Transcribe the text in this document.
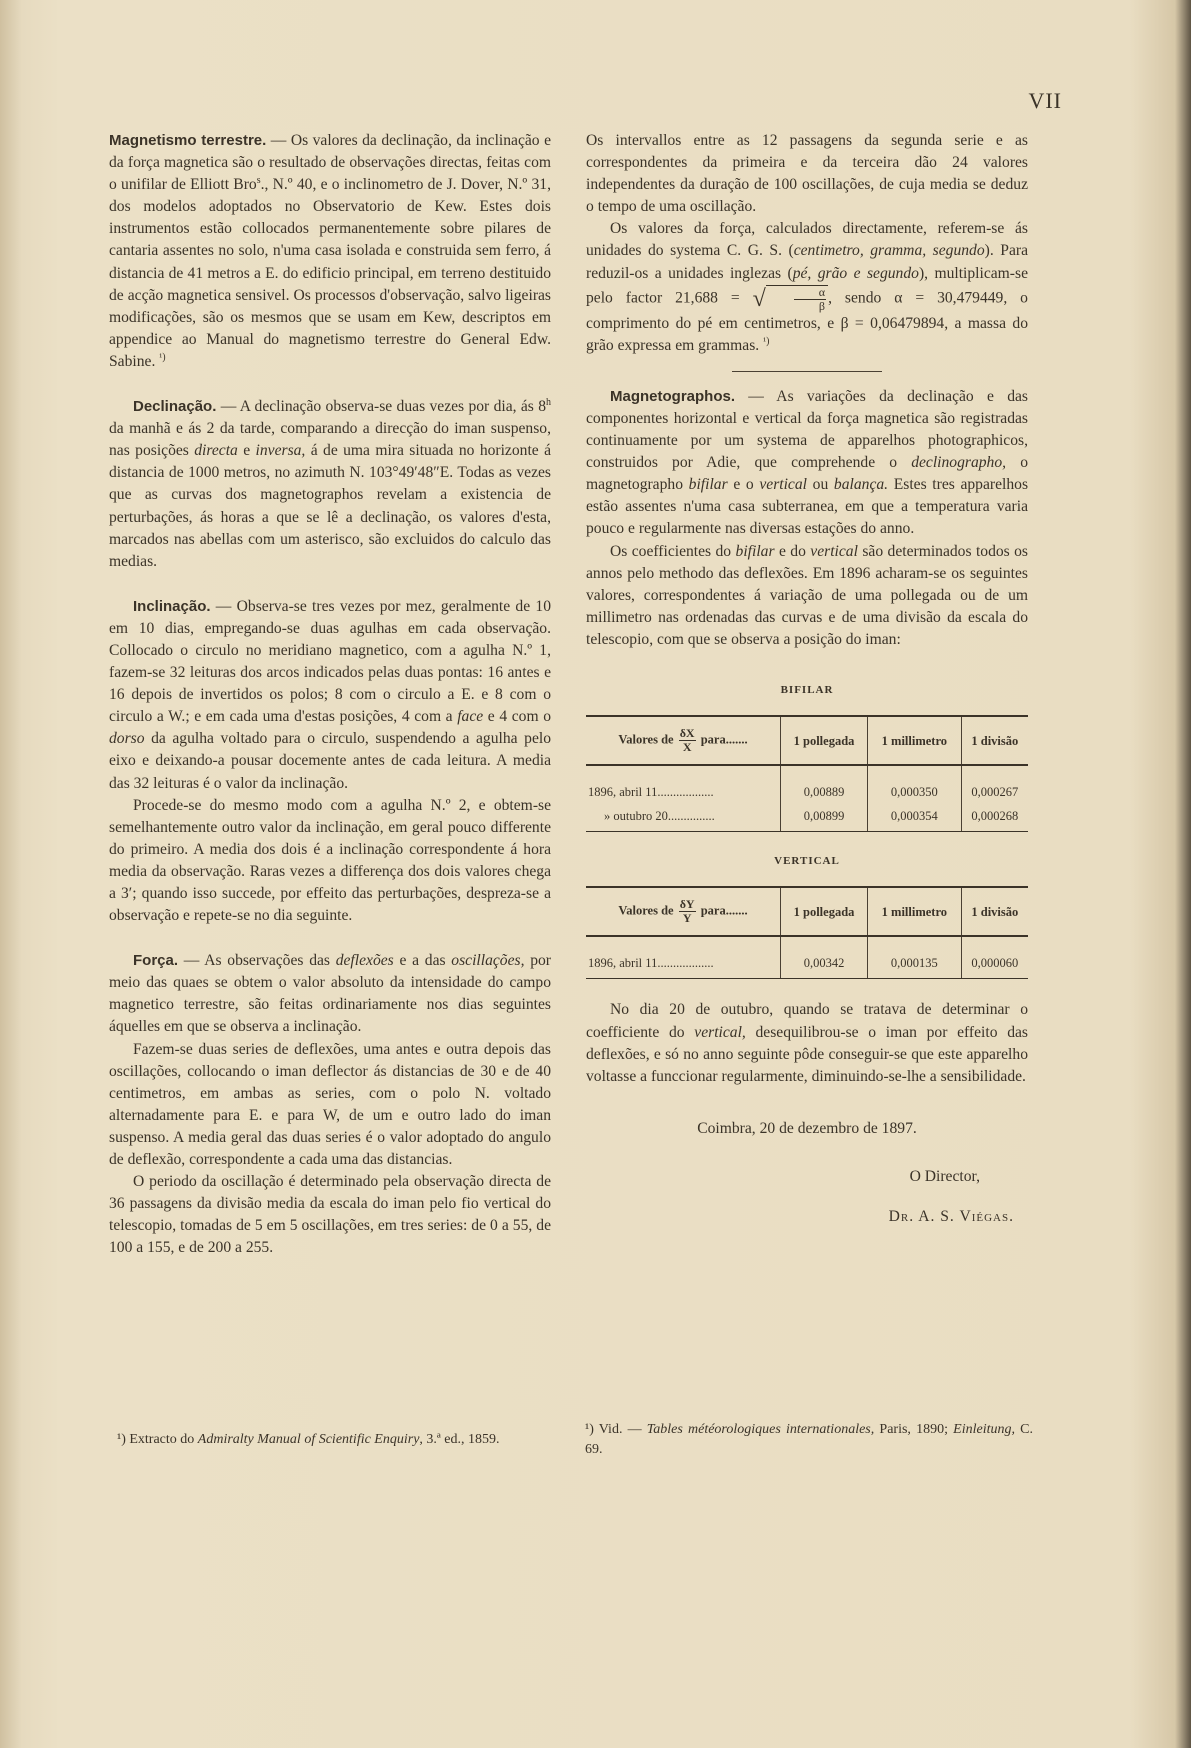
VII

Magnetismo terrestre. — Os valores da declinação, da inclinação e da força magnetica são o resultado de observações directas, feitas com o unifilar de Elliott Bro$^s$., N.º 40, e o inclinometro de J. Dover, N.º 31, dos modelos adoptados no Observatorio de Kew. Estes dois instrumentos estão collocados permanentemente sobre pilares de cantaria assentes no solo, n'uma casa isolada e construida sem ferro, á distancia de 41 metros a E. do edificio principal, em terreno destituido de acção magnetica sensivel. Os processos d'observação, salvo ligeiras modificações, são os mesmos que se usam em Kew, descriptos em appendice ao Manual do magnetismo terrestre do General Edw. Sabine. $^{^1)}$

Declinação. — A declinação observa-se duas vezes por dia, ás 8$^h$ da manhã e ás 2 da tarde, comparando a direcção do iman suspenso, nas posições directa e inversa, á de uma mira situada no horizonte á distancia de 1000 metros, no azimuth N. 103°49′48″E. Todas as vezes que as curvas dos magnetographos revelam a existencia de perturbações, ás horas a que se lê a declinação, os valores d'esta, marcados nas abellas com um asterisco, são excluidos do calculo das medias.

Inclinação. — Observa-se tres vezes por mez, geralmente de 10 em 10 dias, empregando-se duas agulhas em cada observação. Collocado o circulo no meridiano magnetico, com a agulha N.º 1, fazem-se 32 leituras dos arcos indicados pelas duas pontas: 16 antes e 16 depois de invertidos os polos; 8 com o circulo a E. e 8 com o circulo a W.; e em cada uma d'estas posições, 4 com a face e 4 com o dorso da agulha voltado para o circulo, suspendendo a agulha pelo eixo e deixando-a pousar docemente antes de cada leitura. A media das 32 leituras é o valor da inclinação.

Procede-se do mesmo modo com a agulha N.º 2, e obtem-se semelhantemente outro valor da inclinação, em geral pouco differente do primeiro. A media dos dois é a inclinação correspondente á hora media da observação. Raras vezes a differença dos dois valores chega a 3′; quando isso succede, por effeito das perturbações, despreza-se a observação e repete-se no dia seguinte.

Força. — As observações das deflexões e a das oscillações, por meio das quaes se obtem o valor absoluto da intensidade do campo magnetico terrestre, são feitas ordinariamente nos dias seguintes áquelles em que se observa a inclinação.

Fazem-se duas series de deflexões, uma antes e outra depois das oscillações, collocando o iman deflector ás distancias de 30 e de 40 centimetros, em ambas as series, com o polo N. voltado alternadamente para E. e para W, de um e outro lado do iman suspenso. A media geral das duas series é o valor adoptado do angulo de deflexão, correspondente a cada uma das distancias.

O periodo da oscillação é determinado pela observação directa de 36 passagens da divisão media da escala do iman pelo fio vertical do telescopio, tomadas de 5 em 5 oscillações, em tres series: de 0 a 55, de 100 a 155, e de 200 a 255.

¹) Extracto do Admiralty Manual of Scientific Enquiry, 3.ª ed., 1859.

Os intervallos entre as 12 passagens da segunda serie e as correspondentes da primeira e da terceira dão 24 valores independentes da duração de 100 oscillações, de cuja media se deduz o tempo de uma oscillação.

Os valores da força, calculados directamente, referem-se ás unidades do systema C. G. S. (centimetro, gramma, segundo). Para reduzil-os a unidades inglezas (pé, grão e segundo), multiplicam-se pelo factor 21,688 = √ $\frac{\alpha}{\beta}$ , sendo α = 30,479449, o comprimento do pé em centimetros, e β = 0,06479894, a massa do grão expressa em grammas. $^{^1)}$

Magnetographos. — As variações da declinação e das componentes horizontal e vertical da força magnetica são registradas continuamente por um systema de apparelhos photographicos, construidos por Adie, que comprehende o declinographo, o magnetographo bifilar e o vertical ou balança. Estes tres apparelhos estão assentes n'uma casa subterranea, em que a temperatura varia pouco e regularmente nas diversas estações do anno.

Os coefficientes do bifilar e do vertical são determinados todos os annos pelo methodo das deflexões. Em 1896 acharam-se os seguintes valores, correspondentes á variação de uma pollegada ou de um millimetro nas ordenadas das curvas e de uma divisão da escala do telescopio, com que se observa a posição do iman:

BIFILAR
Valores de $\frac{\delta X}{X}$ para.......	1 pollegada	1 millimetro	1 divisão

1896, abril 11..................	0,00889	0,000350	0,000267
» outubro 20...............	0,00899	0,000354	0,000268
VERTICAL
Valores de $\frac{\delta Y}{Y}$ para.......	1 pollegada	1 millimetro	1 divisão

1896, abril 11..................	0,00342	0,000135	0,000060

No dia 20 de outubro, quando se tratava de determinar o coefficiente do vertical, desequilibrou-se o iman por effeito das deflexões, e só no anno seguinte pôde conseguir-se que este apparelho voltasse a funccionar regularmente, diminuindo-se-lhe a sensibilidade.

Coimbra, 20 de dezembro de 1897.

O Director,

Dr. A. S. Viégas.

¹) Vid. — Tables météorologiques internationales, Paris, 1890; Einleitung, C. 69.
